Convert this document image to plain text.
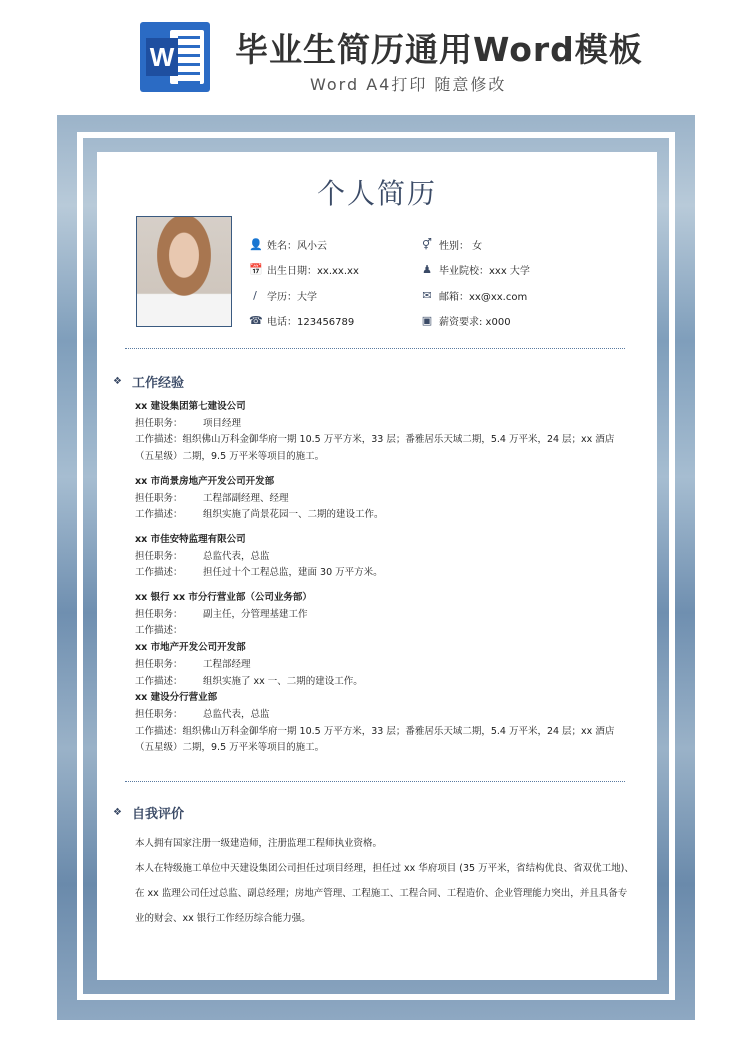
W 毕业生简历通用Word模板
Word A4打印 随意修改
个人简历
👤 姓名：风小云	⚥ 性别： 女
📅 出生日期：xx.xx.xx	♟ 毕业院校：xxx 大学
/	学历：大学	✉ 邮箱：xx@xx.com
☎ 电话：123456789	▣ 薪资要求: x000
❖ 工作经验
xx 建设集团第七建设公司
担任职务：	项目经理
工作描述：组织佛山万科金御华府一期 10.5 万平方米，33 层；番雅居乐天域二期，5.4 万平米，24 层；xx 酒店（五星级）二期，9.5 万平米等项目的施工。
xx 市尚景房地产开发公司开发部
担任职务：	工程部副经理、经理
工作描述：	组织实施了尚景花园一、二期的建设工作。
xx 市佳安特监理有限公司
担任职务：	总监代表，总监
工作描述：	担任过十个工程总监，建面 30 万平方米。
xx 银行 xx 市分行营业部（公司业务部）
担任职务：	副主任，分管理基建工作
工作描述：
xx 市地产开发公司开发部
担任职务：	工程部经理
工作描述：	组织实施了 xx 一、二期的建设工作。
xx 建设分行营业部
担任职务：	总监代表，总监
工作描述：组织佛山万科金御华府一期 10.5 万平方米，33 层；番雅居乐天域二期，5.4 万平米，24 层；xx 酒店（五星级）二期，9.5 万平米等项目的施工。
❖ 自我评价

本人拥有国家注册一级建造师，注册监理工程师执业资格。

本人在特级施工单位中天建设集团公司担任过项目经理，担任过 xx 华府项目 (35 万平米，省结构优良、省双优工地)、在 xx 监理公司任过总监、副总经理；房地产管理、工程施工、工程合同、工程造价、企业管理能力突出，并且具备专业的财会、xx 银行工作经历综合能力强。
